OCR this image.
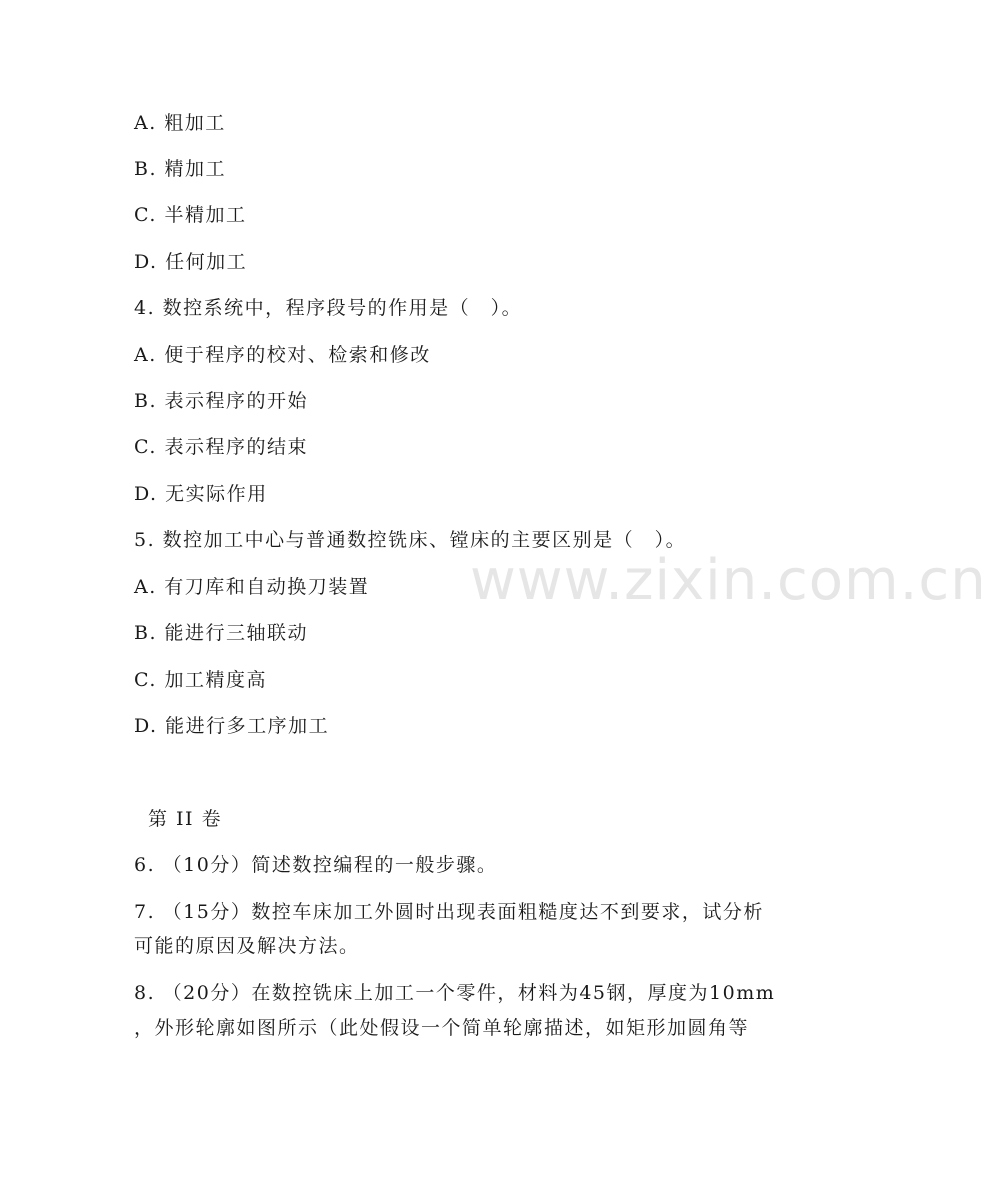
www.zixin.com.cn
A. 粗加工
B. 精加工
C. 半精加工
D. 任何加工
4. 数控系统中，程序段号的作用是（　）。
A. 便于程序的校对、检索和修改
B. 表示程序的开始
C. 表示程序的结束
D. 无实际作用
5. 数控加工中心与普通数控铣床、镗床的主要区别是（　）。
A. 有刀库和自动换刀装置
B. 能进行三轴联动
C. 加工精度高
D. 能进行多工序加工
第 II 卷
6. （10分）简述数控编程的一般步骤。
7. （15分）数控车床加工外圆时出现表面粗糙度达不到要求，试分析
可能的原因及解决方法。
8. （20分）在数控铣床上加工一个零件，材料为45钢，厚度为10mm
，外形轮廓如图所示（此处假设一个简单轮廓描述，如矩形加圆角等
